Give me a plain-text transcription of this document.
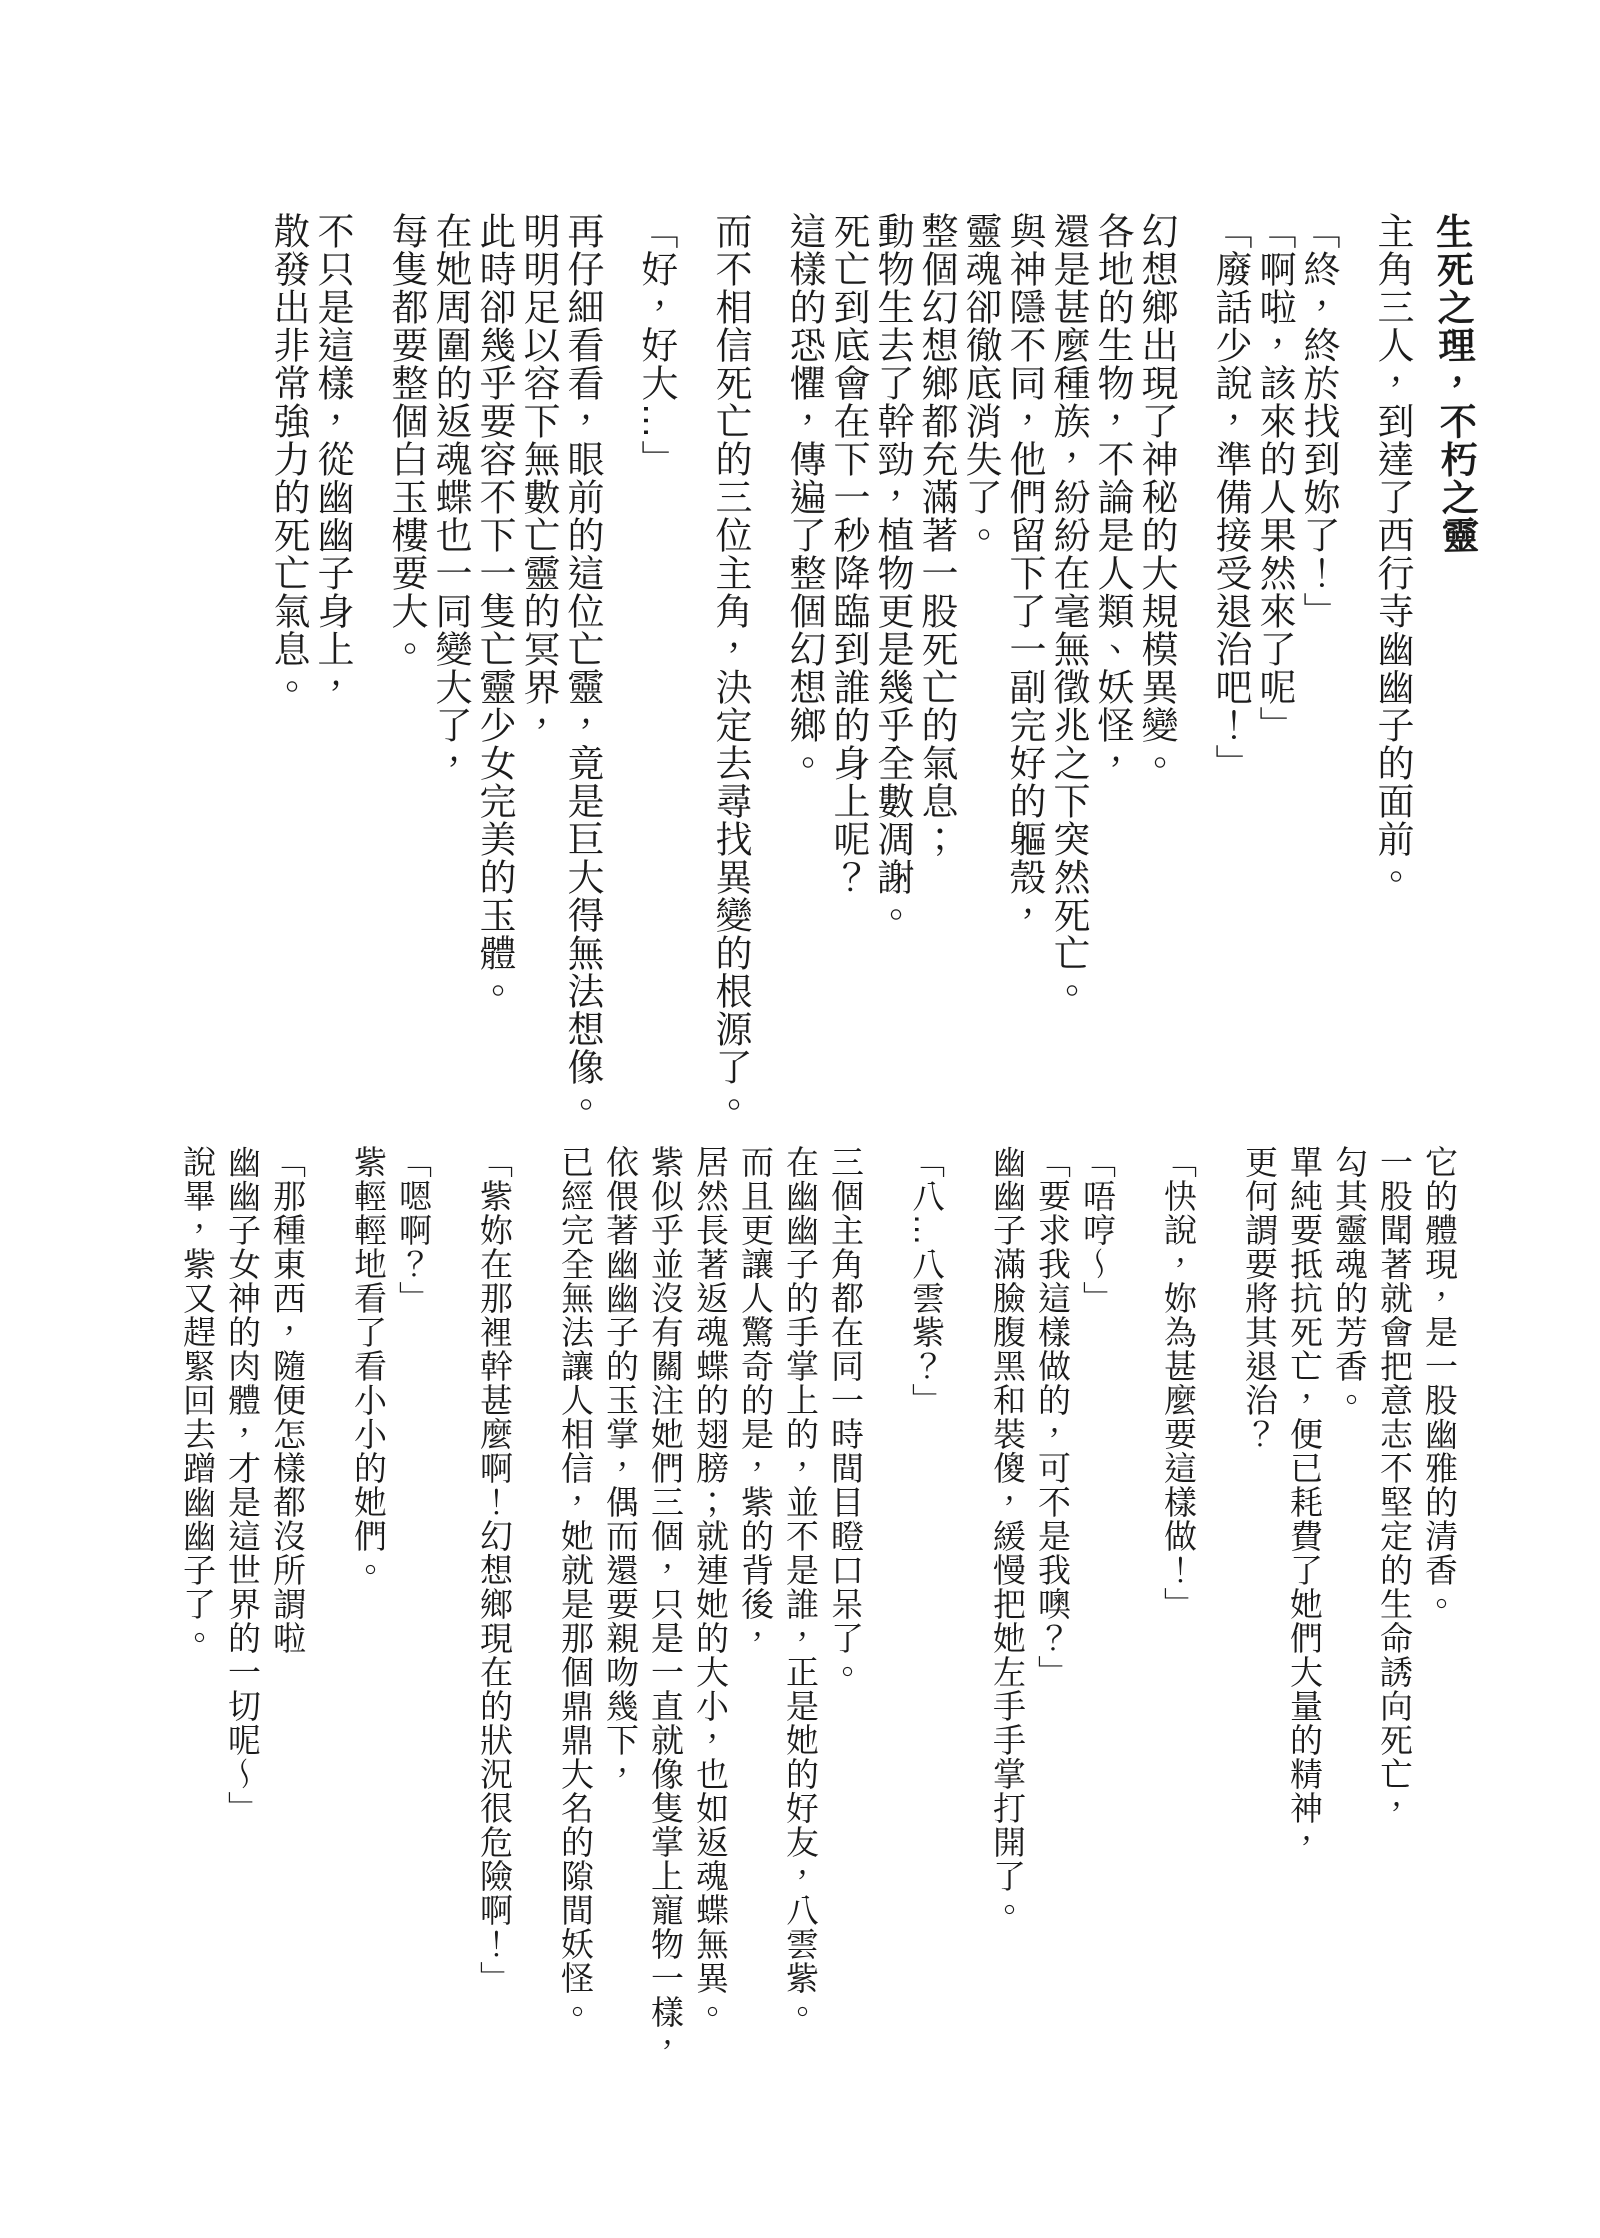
生死之理，不朽之靈

主角三人，到達了西行寺幽幽子的面前。

「終，終於找到妳了！」

「啊啦，該來的人果然來了呢」

「廢話少說，準備接受退治吧！」

幻想鄉出現了神秘的大規模異變。

各地的生物，不論是人類、妖怪，

還是甚麼種族，紛紛在毫無徵兆之下突然死亡。

與神隱不同，他們留下了一副完好的軀殼，

靈魂卻徹底消失了。

整個幻想鄉都充滿著一股死亡的氣息；

動物生去了幹勁，植物更是幾乎全數凋謝。

死亡到底會在下一秒降臨到誰的身上呢？

這樣的恐懼，傳遍了整個幻想鄉。

而不相信死亡的三位主角，決定去尋找異變的根源了。

「好，好大…」

再仔細看看，眼前的這位亡靈，竟是巨大得無法想像。

明明足以容下無數亡靈的冥界，

此時卻幾乎要容不下一隻亡靈少女完美的玉體。

在她周圍的返魂蝶也一同變大了，

每隻都要整個白玉樓要大。

不只是這樣，從幽幽子身上，

散發出非常強力的死亡氣息。

它的體現，是一股幽雅的清香。

一股聞著就會把意志不堅定的生命誘向死亡，

勾其靈魂的芳香。

單純要抵抗死亡，便已耗費了她們大量的精神，

更何謂要將其退治？

「快說，妳為甚麼要這樣做！」

「唔哼～」

「要求我這樣做的，可不是我噢？」

幽幽子滿臉腹黑和裝傻，緩慢把她左手手掌打開了。

「八…八雲紫？」

三個主角都在同一時間目瞪口呆了。

在幽幽子的手掌上的，並不是誰，正是她的好友，八雲紫。

而且更讓人驚奇的是，紫的背後，

居然長著返魂蝶的翅膀；就連她的大小，也如返魂蝶無異。

紫似乎並沒有關注她們三個，只是一直就像隻掌上寵物一樣，

依偎著幽幽子的玉掌，偶而還要親吻幾下，

已經完全無法讓人相信，她就是那個鼎鼎大名的隙間妖怪。

「紫妳在那裡幹甚麼啊！幻想鄉現在的狀況很危險啊！」

「嗯啊？」

紫輕輕地看了看小小的她們。

「那種東西，隨便怎樣都沒所謂啦

幽幽子女神的肉體，才是這世界的一切呢～」

說畢，紫又趕緊回去蹭幽幽子了。
